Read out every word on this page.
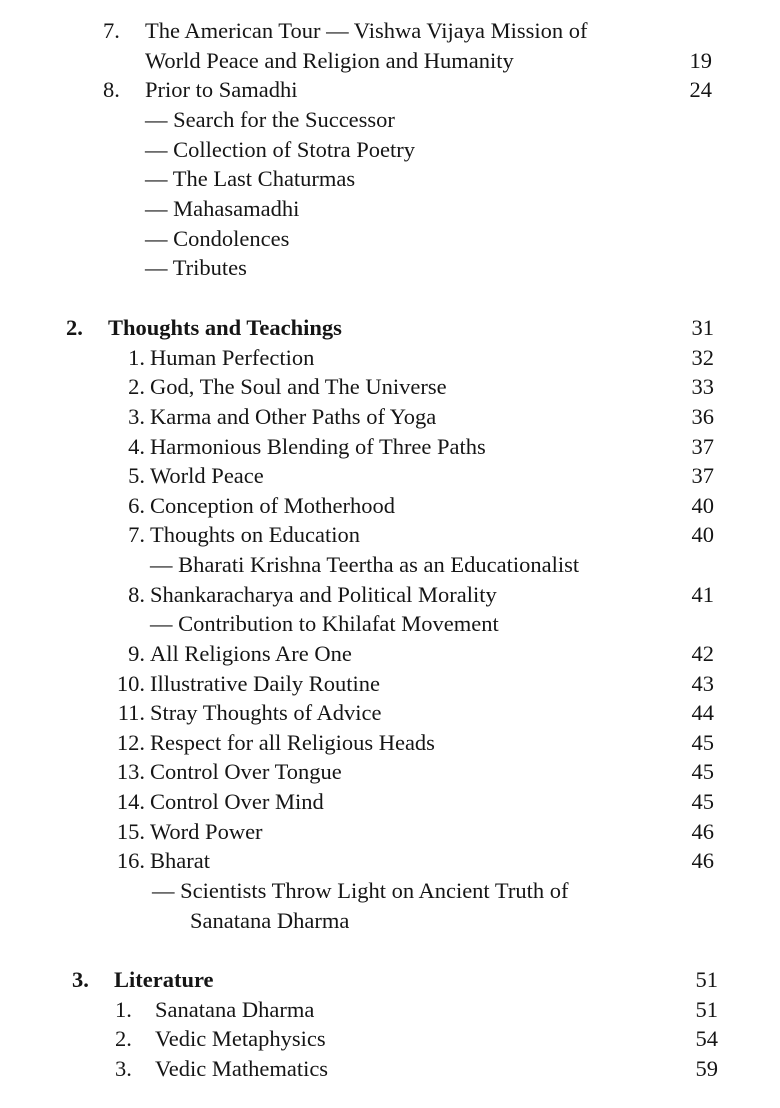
7. The American Tour — Vishwa Vijaya Mission of
World Peace and Religion and Humanity	19
8. Prior to Samadhi	24
— Search for the Successor
— Collection of Stotra Poetry
— The Last Chaturmas
— Mahasamadhi
— Condolences
— Tributes
2. Thoughts and Teachings	31
1. Human Perfection	32
2. God, The Soul and The Universe	33
3. Karma and Other Paths of Yoga	36
4. Harmonious Blending of Three Paths	37
5. World Peace	37
6. Conception of Motherhood	40
7. Thoughts on Education	40
— Bharati Krishna Teertha as an Educationalist
8. Shankaracharya and Political Morality	41
— Contribution to Khilafat Movement
9. All Religions Are One	42
10. Illustrative Daily Routine	43
11. Stray Thoughts of Advice	44
12. Respect for all Religious Heads	45
13. Control Over Tongue	45
14. Control Over Mind	45
15. Word Power	46
16. Bharat	46
— Scientists Throw Light on Ancient Truth of
Sanatana Dharma
3. Literature	51
1. Sanatana Dharma	51
2. Vedic Metaphysics	54
3. Vedic Mathematics	59
